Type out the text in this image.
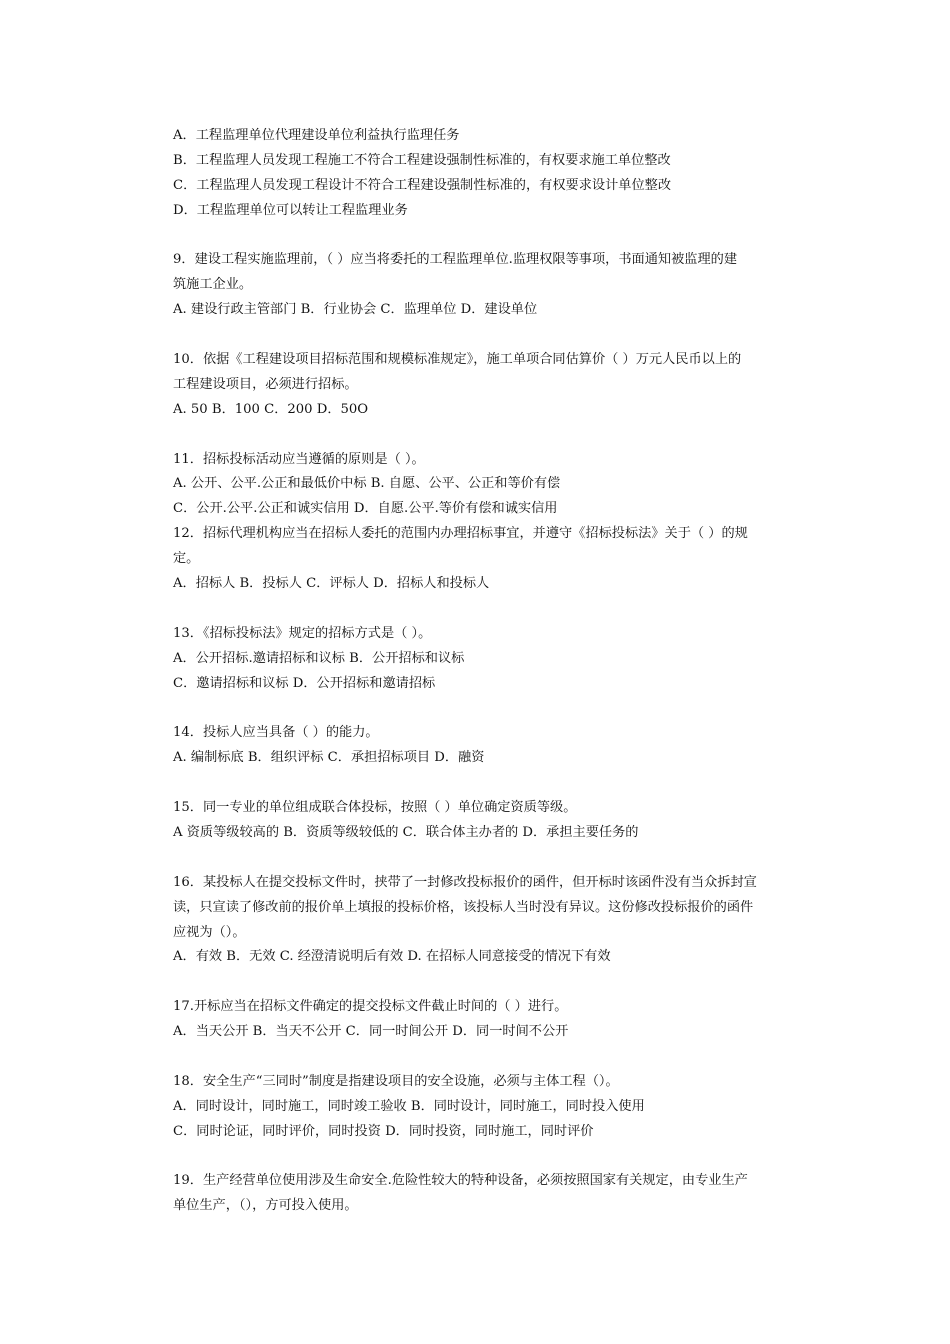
A．工程监理单位代理建设单位利益执行监理任务
B．工程监理人员发现工程施工不符合工程建设强制性标准的，有权要求施工单位整改
C．工程监理人员发现工程设计不符合工程建设强制性标准的，有权要求设计单位整改
D．工程监理单位可以转让工程监理业务
9．建设工程实施监理前，（ ）应当将委托的工程监理单位.监理权限等事项，书面通知被监理的建
筑施工企业。
A. 建设行政主管部门 B．行业协会 C．监理单位 D．建设单位
10．依据《工程建设项目招标范围和规模标准规定》，施工单项合同估算价（ ）万元人民币以上的
工程建设项目，必须进行招标。
A. 50 B．100 C．200 D．50O
11．招标投标活动应当遵循的原则是（ ）。
A. 公开、公平.公正和最低价中标 B. 自愿、公平、公正和等价有偿
C．公开.公平.公正和诚实信用 D．自愿.公平.等价有偿和诚实信用
12．招标代理机构应当在招标人委托的范围内办理招标事宜，并遵守《招标投标法》关于（ ）的规
定。
A．招标人 B．投标人 C．评标人 D．招标人和投标人
13．《招标投标法》规定的招标方式是（ ）。
A．公开招标.邀请招标和议标 B．公开招标和议标
C．邀请招标和议标 D．公开招标和邀请招标
14．投标人应当具备（ ）的能力。
A. 编制标底 B．组织评标 C．承担招标项目 D．融资
15．同一专业的单位组成联合体投标，按照（ ）单位确定资质等级。
A 资质等级较高的 B．资质等级较低的 C．联合体主办者的 D．承担主要任务的
16．某投标人在提交投标文件时，挟带了一封修改投标报价的函件，但开标时该函件没有当众拆封宣
读，只宣读了修改前的报价单上填报的投标价格，该投标人当时没有异议。这份修改投标报价的函件
应视为（）。
A．有效 B．无效 C. 经澄清说明后有效 D. 在招标人同意接受的情况下有效
17.开标应当在招标文件确定的提交投标文件截止时间的（ ）进行。
A．当天公开 B．当天不公开 C．同一时间公开 D．同一时间不公开
18．安全生产“三同时”制度是指建设项目的安全设施，必须与主体工程（）。
A．同时设计，同时施工，同时竣工验收 B．同时设计，同时施工，同时投入使用
C．同时论证，同时评价，同时投资 D．同时投资，同时施工，同时评价
19．生产经营单位使用涉及生命安全.危险性较大的特种设备，必须按照国家有关规定，由专业生产
单位生产，（），方可投入使用。
